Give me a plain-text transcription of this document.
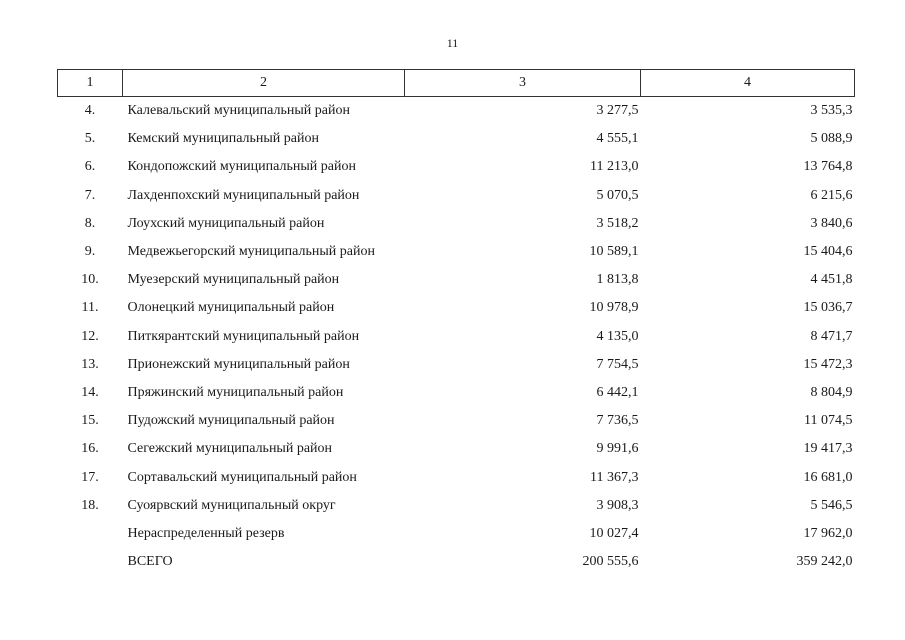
11
1	2	3	4
4.	Калевальский муниципальный район	3 277,5	3 535,3
5.	Кемский муниципальный район	4 555,1	5 088,9
6.	Кондопожский муниципальный район	11 213,0	13 764,8
7.	Лахденпохский муниципальный район	5 070,5	6 215,6
8.	Лоухский муниципальный район	3 518,2	3 840,6
9.	Медвежьегорский муниципальный район	10 589,1	15 404,6
10.	Муезерский муниципальный район	1 813,8	4 451,8
11.	Олонецкий муниципальный район	10 978,9	15 036,7
12.	Питкярантский муниципальный район	4 135,0	8 471,7
13.	Прионежский муниципальный район	7 754,5	15 472,3
14.	Пряжинский муниципальный район	6 442,1	8 804,9
15.	Пудожский муниципальный район	7 736,5	11 074,5
16.	Сегежский муниципальный район	9 991,6	19 417,3
17.	Сортавальский муниципальный район	11 367,3	16 681,0
18.	Суоярвский муниципальный округ	3 908,3	5 546,5
	Нераспределенный резерв	10 027,4	17 962,0
	ВСЕГО	200 555,6	359 242,0
